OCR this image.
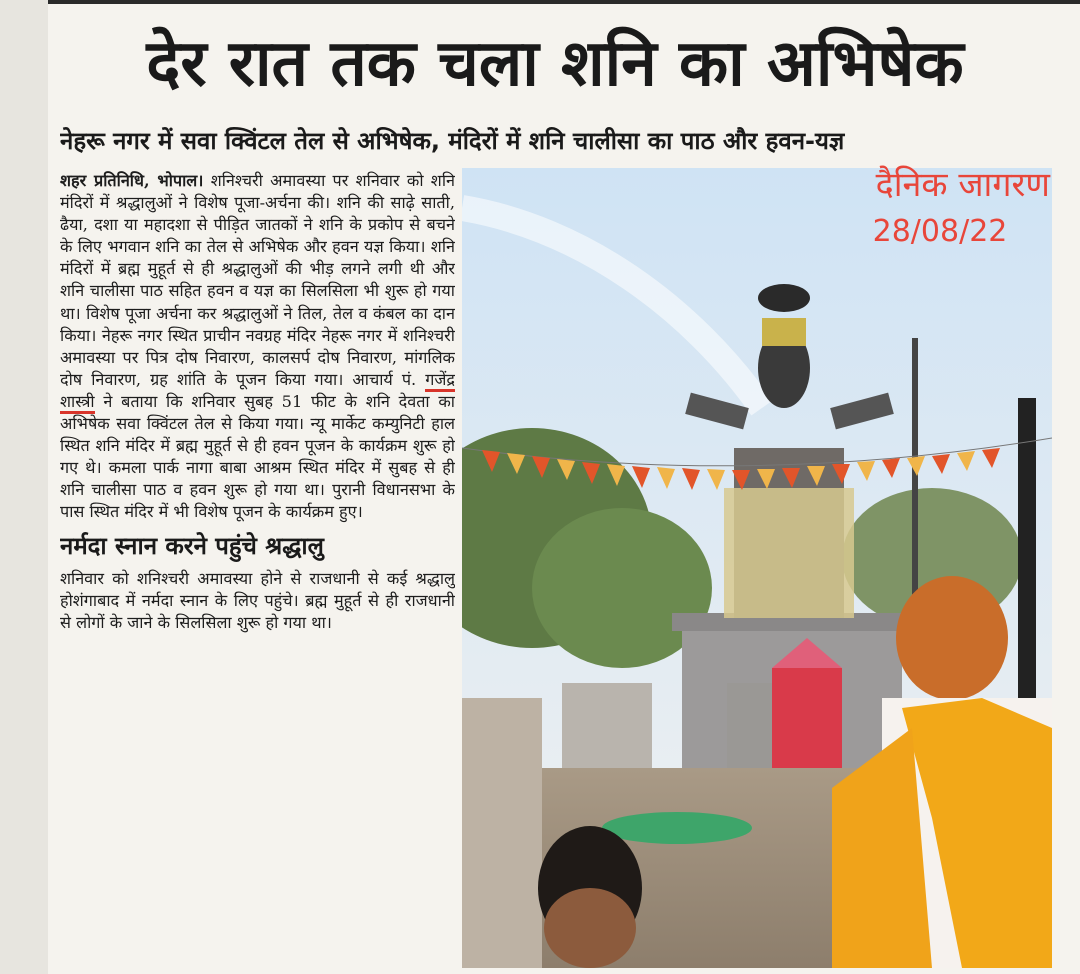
देर रात तक चला शनि का अभिषेक
नेहरू नगर में सवा क्विंटल तेल से अभिषेक, मंदिरों में शनि चालीसा का पाठ और हवन-यज्ञ

शहर प्रतिनिधि, भोपाल। शनिश्चरी अमावस्या पर शनिवार को शनि मंदिरों में श्रद्धालुओं ने विशेष पूजा-अर्चना की। शनि की साढ़े साती, ढैया, दशा या महादशा से पीड़ित जातकों ने शनि के प्रकोप से बचने के लिए भगवान शनि का तेल से अभिषेक और हवन यज्ञ किया। शनि मंदिरों में ब्रह्म मुहूर्त से ही श्रद्धालुओं की भीड़ लगने लगी थी और शनि चालीसा पाठ सहित हवन व यज्ञ का सिलसिला भी शुरू हो गया था। विशेष पूजा अर्चना कर श्रद्धालुओं ने तिल, तेल व कंबल का दान किया। नेहरू नगर स्थित प्राचीन नवग्रह मंदिर नेहरू नगर में शनिश्चरी अमावस्या पर पित्र दोष निवारण, कालसर्प दोष निवारण, मांगलिक दोष निवारण, ग्रह शांति के पूजन किया गया। आचार्य पं. गजेंद्र शास्त्री ने बताया कि शनिवार सुबह 51 फीट के शनि देवता का अभिषेक सवा क्विंटल तेल से किया गया। न्यू मार्केट कम्युनिटी हाल स्थित शनि मंदिर में ब्रह्म मुहूर्त से ही हवन पूजन के कार्यक्रम शुरू हो गए थे। कमला पार्क नागा बाबा आश्रम स्थित मंदिर में सुबह से ही शनि चालीसा पाठ व हवन शुरू हो गया था। पुरानी विधानसभा के पास स्थित मंदिर में भी विशेष पूजन के कार्यक्रम हुए।

नर्मदा स्नान करने पहुंचे श्रद्धालु

शनिवार को शनिश्चरी अमावस्या होने से राजधानी से कई श्रद्धालु होशंगाबाद में नर्मदा स्नान के लिए पहुंचे। ब्रह्म मुहूर्त से ही राजधानी से लोगों के जाने के सिलसिला शुरू हो गया था।

दैनिक जागरण
28/08/22
